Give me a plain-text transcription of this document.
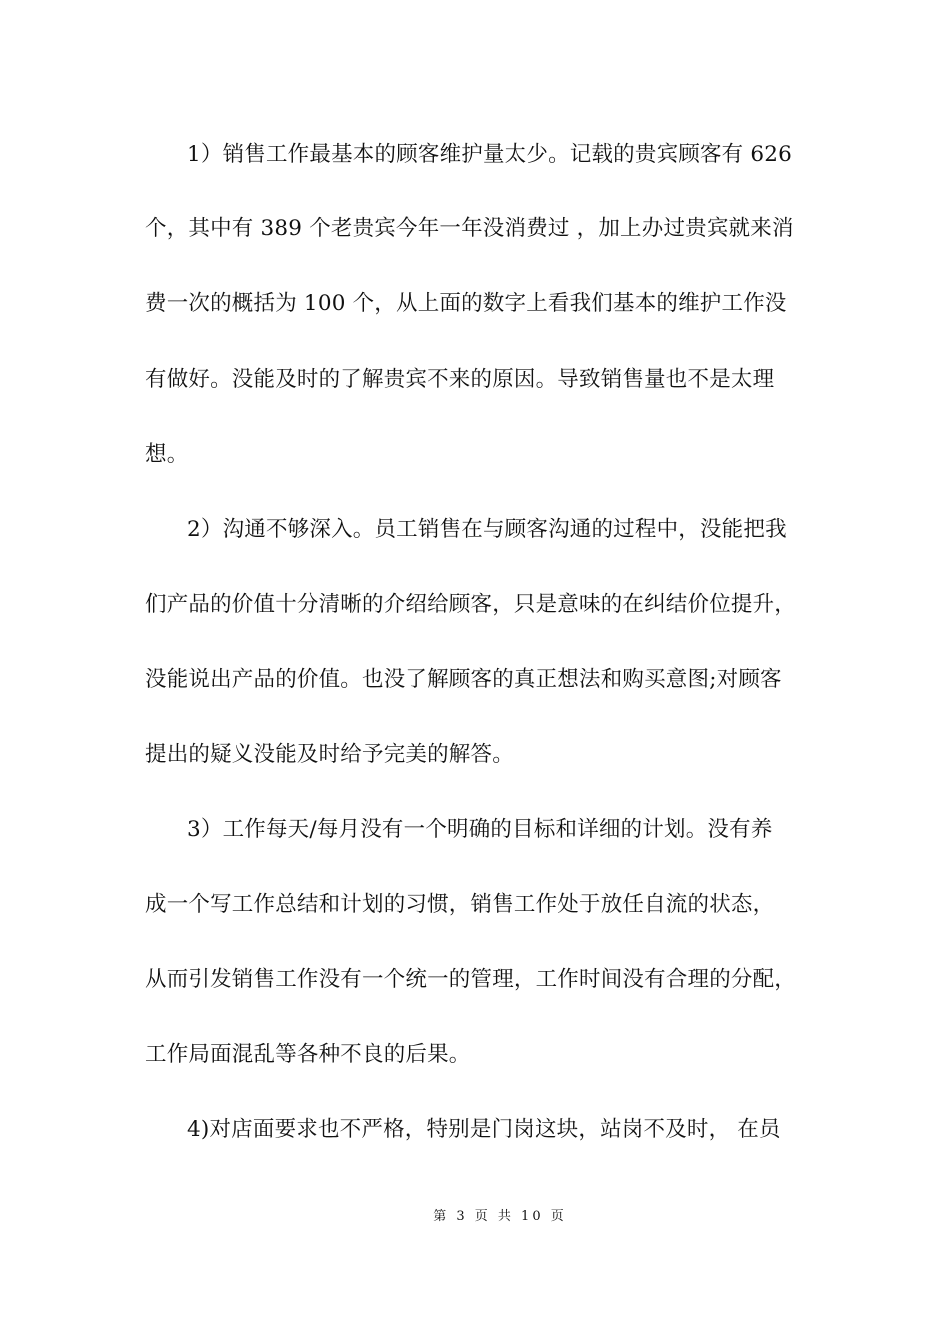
1）销售工作最基本的顾客维护量太少。记载的贵宾顾客有 626
个，其中有 389 个老贵宾今年一年没消费过 ，加上办过贵宾就来消
费一次的概括为 100 个，从上面的数字上看我们基本的维护工作没
有做好。没能及时的了解贵宾不来的原因。导致销售量也不是太理
想。
2）沟通不够深入。员工销售在与顾客沟通的过程中，没能把我
们产品的价值十分清晰的介绍给顾客，只是意味的在纠结价位提升，
没能说出产品的价值。也没了解顾客的真正想法和购买意图;对顾客
提出的疑义没能及时给予完美的解答。
3）工作每天/每月没有一个明确的目标和详细的计划。没有养
成一个写工作总结和计划的习惯，销售工作处于放任自流的状态，
从而引发销售工作没有一个统一的管理，工作时间没有合理的分配，
工作局面混乱等各种不良的后果。
4)对店面要求也不严格，特别是门岗这块，站岗不及时， 在员
第 3 页 共 10 页
